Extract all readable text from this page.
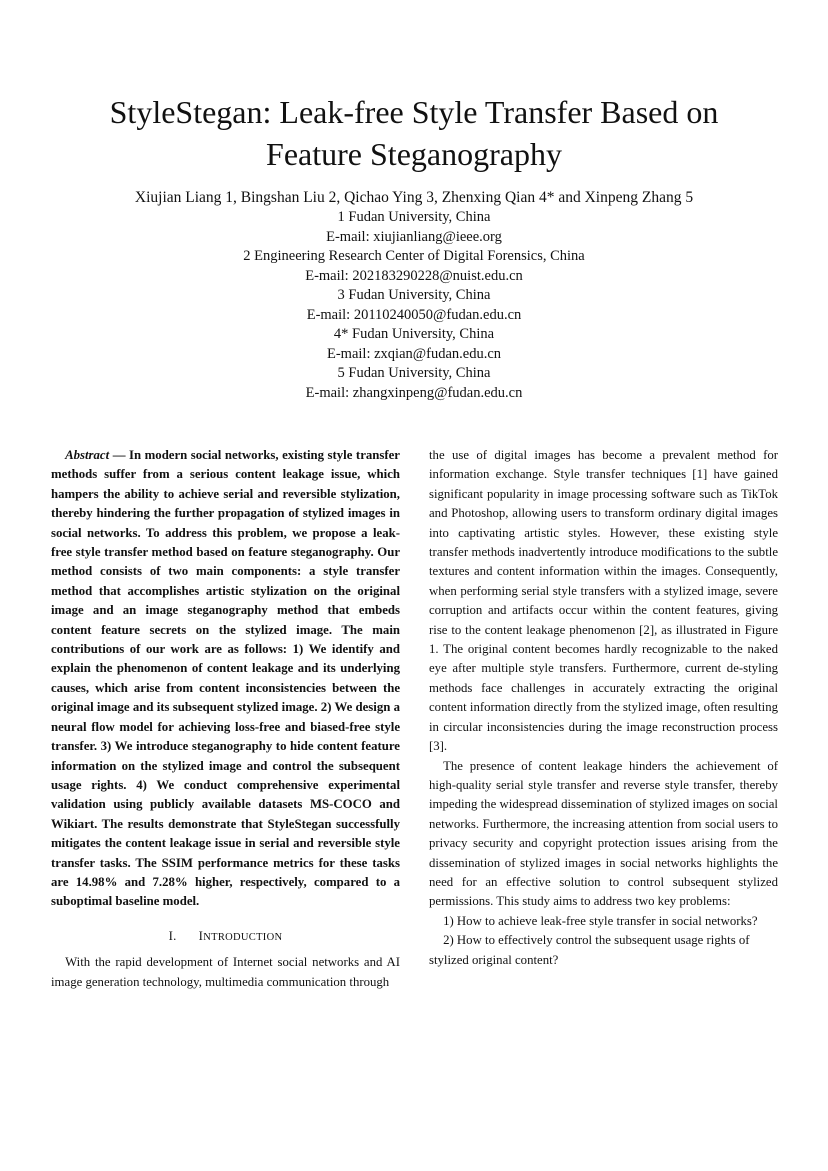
StyleStegan: Leak-free Style Transfer Based on
Feature Steganography
Xiujian Liang 1, Bingshan Liu 2, Qichao Ying 3, Zhenxing Qian 4* and Xinpeng Zhang 5
1 Fudan University, China
E-mail: xiujianliang@ieee.org
2 Engineering Research Center of Digital Forensics, China
E-mail: 202183290228@nuist.edu.cn
3 Fudan University, China
E-mail: 20110240050@fudan.edu.cn
4* Fudan University, China
E-mail: zxqian@fudan.edu.cn
5 Fudan University, China
E-mail: zhangxinpeng@fudan.edu.cn

Abstract — In modern social networks, existing style transfer methods suffer from a serious content leakage issue, which hampers the ability to achieve serial and reversible stylization, thereby hindering the further propagation of stylized images in social networks. To address this problem, we propose a leak-free style transfer method based on feature steganography. Our method consists of two main components: a style transfer method that accomplishes artistic stylization on the original image and an image steganography method that embeds content feature secrets on the stylized image. The main contributions of our work are as follows: 1) We identify and explain the phenomenon of content leakage and its underlying causes, which arise from content inconsistencies between the original image and its subsequent stylized image. 2) We design a neural flow model for achieving loss-free and biased-free style transfer. 3) We introduce steganography to hide content feature information on the stylized image and control the subsequent usage rights. 4) We conduct comprehensive experimental validation using publicly available datasets MS-COCO and Wikiart. The results demonstrate that StyleStegan successfully mitigates the content leakage issue in serial and reversible style transfer tasks. The SSIM performance metrics for these tasks are 14.98% and 7.28% higher, respectively, compared to a suboptimal baseline model.

I. INTRODUCTION

With the rapid development of Internet social networks and AI image generation technology, multimedia communication through

the use of digital images has become a prevalent method for information exchange. Style transfer techniques [1] have gained significant popularity in image processing software such as TikTok and Photoshop, allowing users to transform ordinary digital images into captivating artistic styles. However, these existing style transfer methods inadvertently introduce modifications to the subtle textures and content information within the images. Consequently, when performing serial style transfers with a stylized image, severe corruption and artifacts occur within the content features, giving rise to the content leakage phenomenon [2], as illustrated in Figure 1. The original content becomes hardly recognizable to the naked eye after multiple style transfers. Furthermore, current de-styling methods face challenges in accurately extracting the original content information directly from the stylized image, often resulting in circular inconsistencies during the image reconstruction process [3].

The presence of content leakage hinders the achievement of high-quality serial style transfer and reverse style transfer, thereby impeding the widespread dissemination of stylized images on social networks. Furthermore, the increasing attention from social users to privacy security and copyright protection issues arising from the dissemination of stylized images in social networks highlights the need for an effective solution to control subsequent stylized permissions. This study aims to address two key problems:

1) How to achieve leak-free style transfer in social networks?

2) How to effectively control the subsequent usage rights of stylized original content?
